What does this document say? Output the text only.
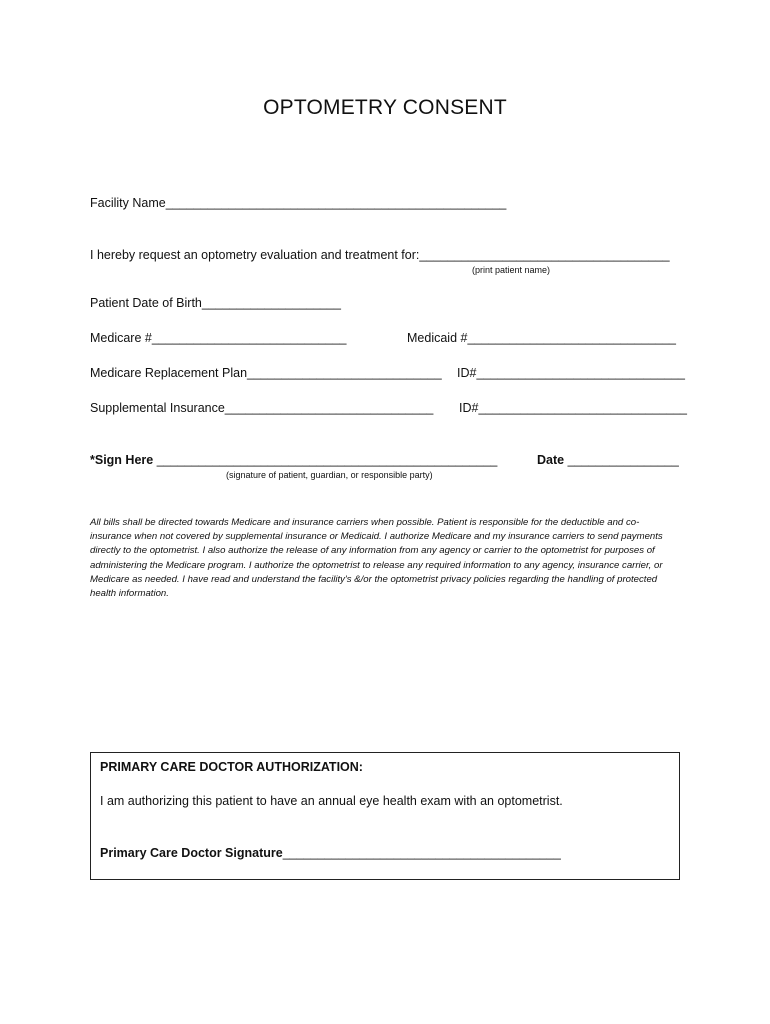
OPTOMETRY CONSENT
Facility Name_________________________________________________
I hereby request an optometry evaluation and treatment for:____________________________________
(print patient name)
Patient Date of Birth____________________
Medicare #____________________________	Medicaid #______________________________
Medicare Replacement Plan____________________________ ID#______________________________
Supplemental Insurance______________________________ ID#______________________________
*Sign Here _________________________________________________	Date ________________
(signature of patient, guardian, or responsible party)
All bills shall be directed towards Medicare and insurance carriers when possible. Patient is responsible for the deductible and co-insurance when not covered by supplemental insurance or Medicaid. I authorize Medicare and my insurance carriers to send payments directly to the optometrist. I also authorize the release of any information from any agency or carrier to the optometrist for purposes of administering the Medicare program. I authorize the optometrist to release any required information to any agency, insurance carrier, or Medicare as needed. I have read and understand the facility's &/or the optometrist privacy policies regarding the handling of protected health information.
PRIMARY CARE DOCTOR AUTHORIZATION:
I am authorizing this patient to have an annual eye health exam with an optometrist.
Primary Care Doctor Signature________________________________________
